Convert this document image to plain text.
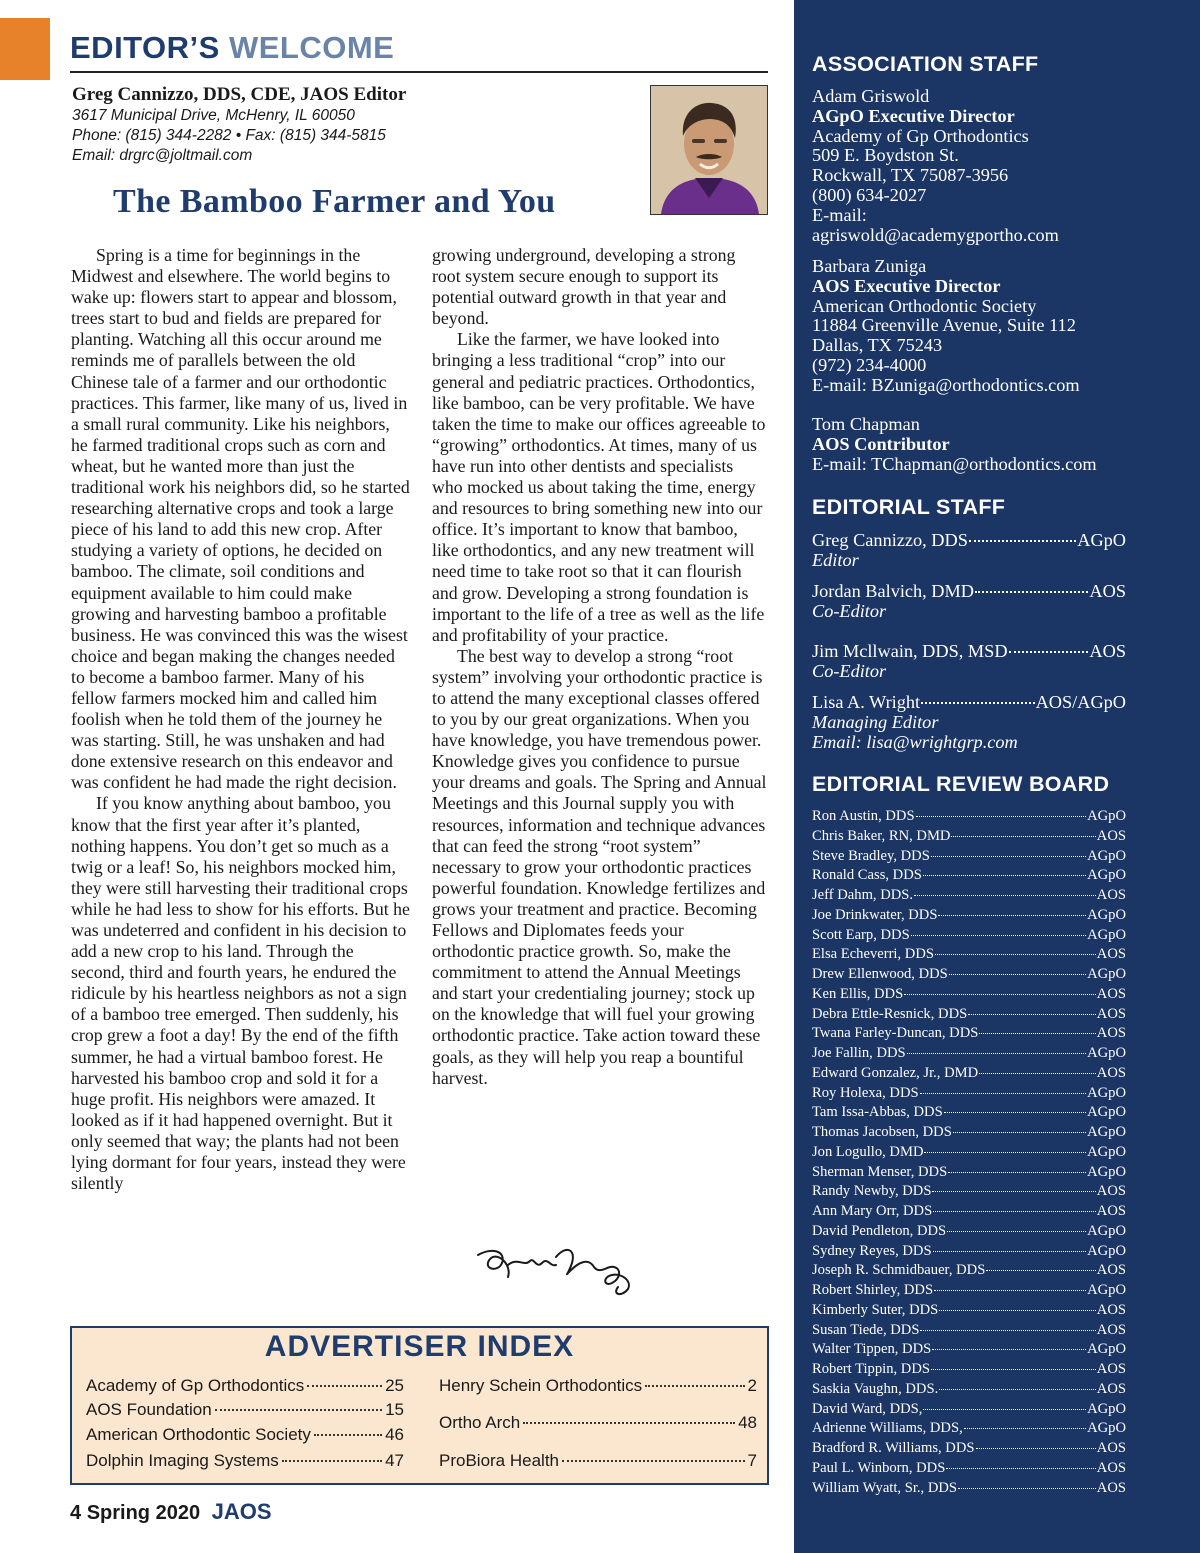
EDITOR’S WELCOME
Greg Cannizzo, DDS, CDE, JAOS Editor
3617 Municipal Drive, McHenry, IL 60050
Phone: (815) 344-2282 • Fax: (815) 344-5815
Email: drgrc@joltmail.com
The Bamboo Farmer and You

Spring is a time for beginnings in the Midwest and elsewhere. The world begins to wake up: flowers start to appear and blossom, trees start to bud and fields are prepared for planting. Watching all this occur around me reminds me of parallels between the old Chinese tale of a farmer and our orthodontic practices. This farmer, like many of us, lived in a small rural community. Like his neighbors, he farmed traditional crops such as corn and wheat, but he wanted more than just the traditional work his neighbors did, so he started researching alternative crops and took a large piece of his land to add this new crop. After studying a variety of options, he decided on bamboo. The climate, soil conditions and equipment available to him could make growing and harvesting bamboo a profitable business. He was convinced this was the wisest choice and began making the changes needed to become a bamboo farmer. Many of his fellow farmers mocked him and called him foolish when he told them of the journey he was starting. Still, he was unshaken and had done extensive research on this endeavor and was confident he had made the right decision.

If you know anything about bamboo, you know that the first year after it’s planted, nothing happens. You don’t get so much as a twig or a leaf! So, his neighbors mocked him, they were still harvesting their traditional crops while he had less to show for his efforts. But he was undeterred and confident in his decision to add a new crop to his land. Through the second, third and fourth years, he endured the ridicule by his heartless neighbors as not a sign of a bamboo tree emerged. Then suddenly, his crop grew a foot a day! By the end of the fifth summer, he had a virtual bamboo forest. He harvested his bamboo crop and sold it for a huge profit. His neighbors were amazed. It looked as if it had happened overnight. But it only seemed that way; the plants had not been lying dormant for four years, instead they were silently

growing underground, developing a strong root system secure enough to support its potential outward growth in that year and beyond.

Like the farmer, we have looked into bringing a less traditional “crop” into our general and pediatric practices. Orthodontics, like bamboo, can be very profitable. We have taken the time to make our offices agreeable to “growing” orthodontics. At times, many of us have run into other dentists and specialists who mocked us about taking the time, energy and resources to bring something new into our office. It’s important to know that bamboo, like orthodontics, and any new treatment will need time to take root so that it can flourish and grow. Developing a strong foundation is important to the life of a tree as well as the life and profitability of your practice.

The best way to develop a strong “root system” involving your orthodontic practice is to attend the many exceptional classes offered to you by our great organizations. When you have knowledge, you have tremendous power. Knowledge gives you confidence to pursue your dreams and goals. The Spring and Annual Meetings and this Journal supply you with resources, information and technique advances that can feed the strong “root system” necessary to grow your orthodontic practices powerful foundation. Knowledge fertilizes and grows your treatment and practice. Becoming Fellows and Diplomates feeds your orthodontic practice growth. So, make the commitment to attend the Annual Meetings and start your credentialing journey; stock up on the knowledge that will fuel your growing orthodontic practice. Take action toward these goals, as they will help you reap a bountiful harvest.

ADVERTISER INDEX
Academy of Gp Orthodontics	25
AOS Foundation	15
American Orthodontic Society	46
Dolphin Imaging Systems	47
Henry Schein Orthodontics	2
Ortho Arch	48
ProBiora Health	7
4 Spring 2020 JAOS
ASSOCIATION STAFF
Adam Griswold
AGpO Executive Director
Academy of Gp Orthodontics
509 E. Boydston St.
Rockwall, TX 75087-3956
(800) 634-2027
E-mail:
agriswold@academygportho.com
Barbara Zuniga
AOS Executive Director
American Orthodontic Society
11884 Greenville Avenue, Suite 112
Dallas, TX 75243
(972) 234-4000
E-mail: BZuniga@orthodontics.com
Tom Chapman
AOS Contributor
E-mail: TChapman@orthodontics.com
EDITORIAL STAFF
Greg Cannizzo, DDS	AGpO
Editor
Jordan Balvich, DMD	AOS
Co-Editor
Jim Mcllwain, DDS, MSD	AOS
Co-Editor
Lisa A. Wright	AOS/AGpO
Managing Editor
Email: lisa@wrightgrp.com
EDITORIAL REVIEW BOARD
Ron Austin, DDS	AGpO
Chris Baker, RN, DMD	AOS
Steve Bradley, DDS	AGpO
Ronald Cass, DDS	AGpO
Jeff Dahm, DDS.	AOS
Joe Drinkwater, DDS	AGpO
Scott Earp, DDS	AGpO
Elsa Echeverri, DDS	AOS
Drew Ellenwood, DDS	AGpO
Ken Ellis, DDS	AOS
Debra Ettle-Resnick, DDS	AOS
Twana Farley-Duncan, DDS	AOS
Joe Fallin, DDS	AGpO
Edward Gonzalez, Jr., DMD	AOS
Roy Holexa, DDS	AGpO
Tam Issa-Abbas, DDS	AGpO
Thomas Jacobsen, DDS	AGpO
Jon Logullo, DMD	AGpO
Sherman Menser, DDS	AGpO
Randy Newby, DDS	AOS
Ann Mary Orr, DDS	AOS
David Pendleton, DDS	AGpO
Sydney Reyes, DDS	AGpO
Joseph R. Schmidbauer, DDS	AOS
Robert Shirley, DDS	AGpO
Kimberly Suter, DDS	AOS
Susan Tiede, DDS	AOS
Walter Tippen, DDS	AGpO
Robert Tippin, DDS	AOS
Saskia Vaughn, DDS.	AOS
David Ward, DDS,	AGpO
Adrienne Williams, DDS,	AGpO
Bradford R. Williams, DDS	AOS
Paul L. Winborn, DDS	AOS
William Wyatt, Sr., DDS	AOS
